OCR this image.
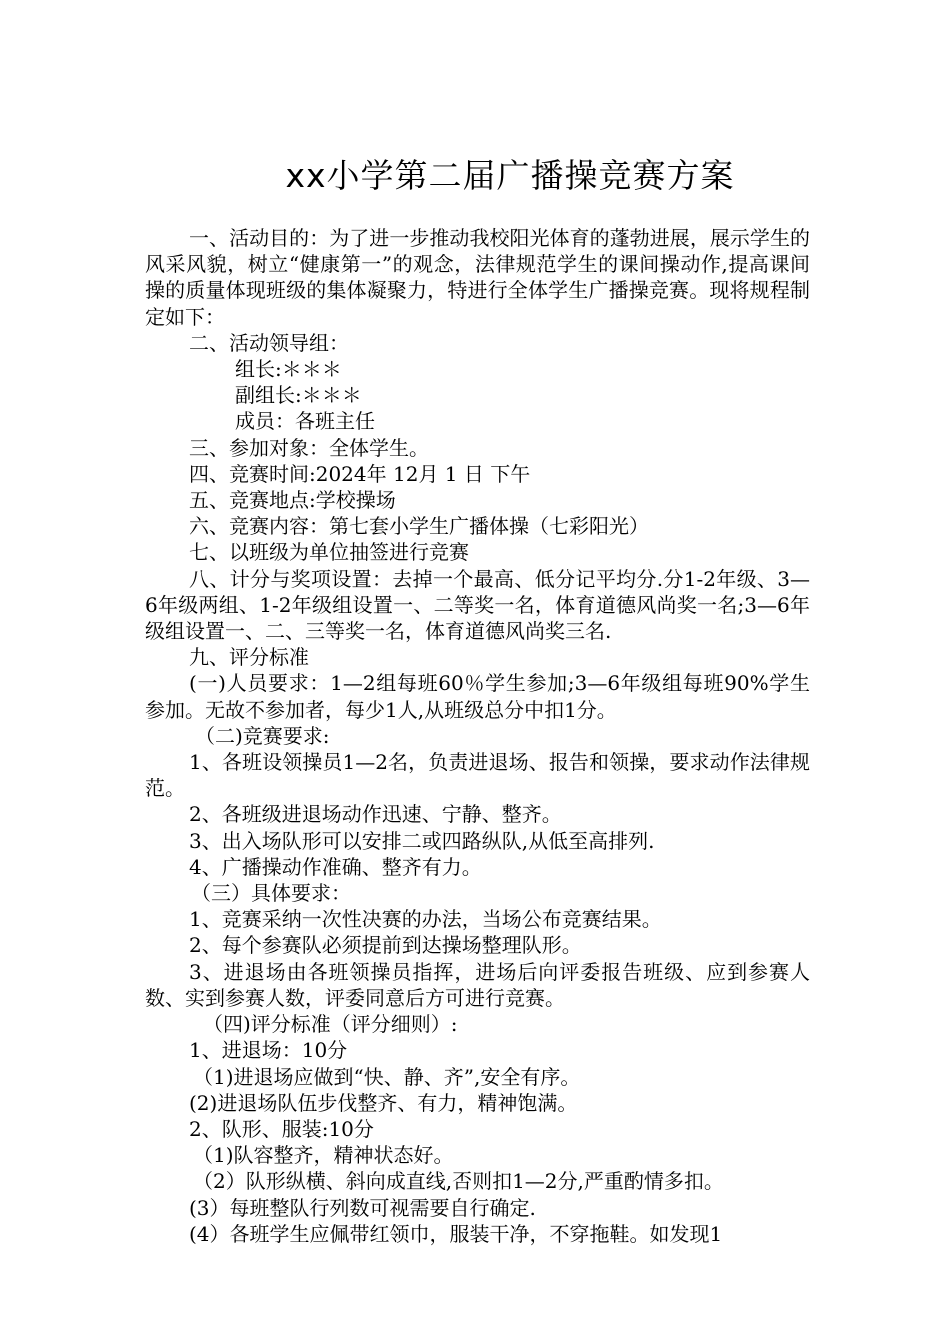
xx小学第二届广播操竞赛方案

一、活动目的：为了进一步推动我校阳光体育的蓬勃进展，展示学生的风采风貌，树立“健康第一”的观念，法律规范学生的课间操动作,提高课间操的质量体现班级的集体凝聚力，特进行全体学生广播操竞赛。现将规程制定如下：

二、活动领导组：

组长:＊＊＊

副组长:＊＊＊

成员：各班主任

三、参加对象：全体学生。

四、竞赛时间:2024年 12月 1 日 下午

五、竞赛地点:学校操场

六、竞赛内容：第七套小学生广播体操（七彩阳光）

七、以班级为单位抽签进行竞赛

八、计分与奖项设置：去掉一个最高、低分记平均分.分1-2年级、3—6年级两组、1-2年级组设置一、二等奖一名，体育道德风尚奖一名;3—6年级组设置一、二、三等奖一名，体育道德风尚奖三名.

九、评分标准

(一)人员要求：1—2组每班60％学生参加;3—6年级组每班90%学生参加。无故不参加者，每少1人,从班级总分中扣1分。

（二)竞赛要求:

1、各班设领操员1—2名，负责进退场、报告和领操，要求动作法律规范。

2、各班级进退场动作迅速、宁静、整齐。

3、出入场队形可以安排二或四路纵队,从低至高排列.

4、广播操动作准确、整齐有力。

（三）具体要求：

1、竞赛采纳一次性决赛的办法，当场公布竞赛结果。

2、每个参赛队必须提前到达操场整理队形。

3、进退场由各班领操员指挥，进场后向评委报告班级、应到参赛人数、实到参赛人数，评委同意后方可进行竞赛。

（四)评分标准（评分细则）:

1、进退场：10分

（1)进退场应做到“快、静、齐”,安全有序。

(2)进退场队伍步伐整齐、有力，精神饱满。

2、队形、服装:10分

（1)队容整齐，精神状态好。

（2）队形纵横、斜向成直线,否则扣1—2分,严重酌情多扣。

(3）每班整队行列数可视需要自行确定.

(4）各班学生应佩带红领巾，服装干净，不穿拖鞋。如发现1
